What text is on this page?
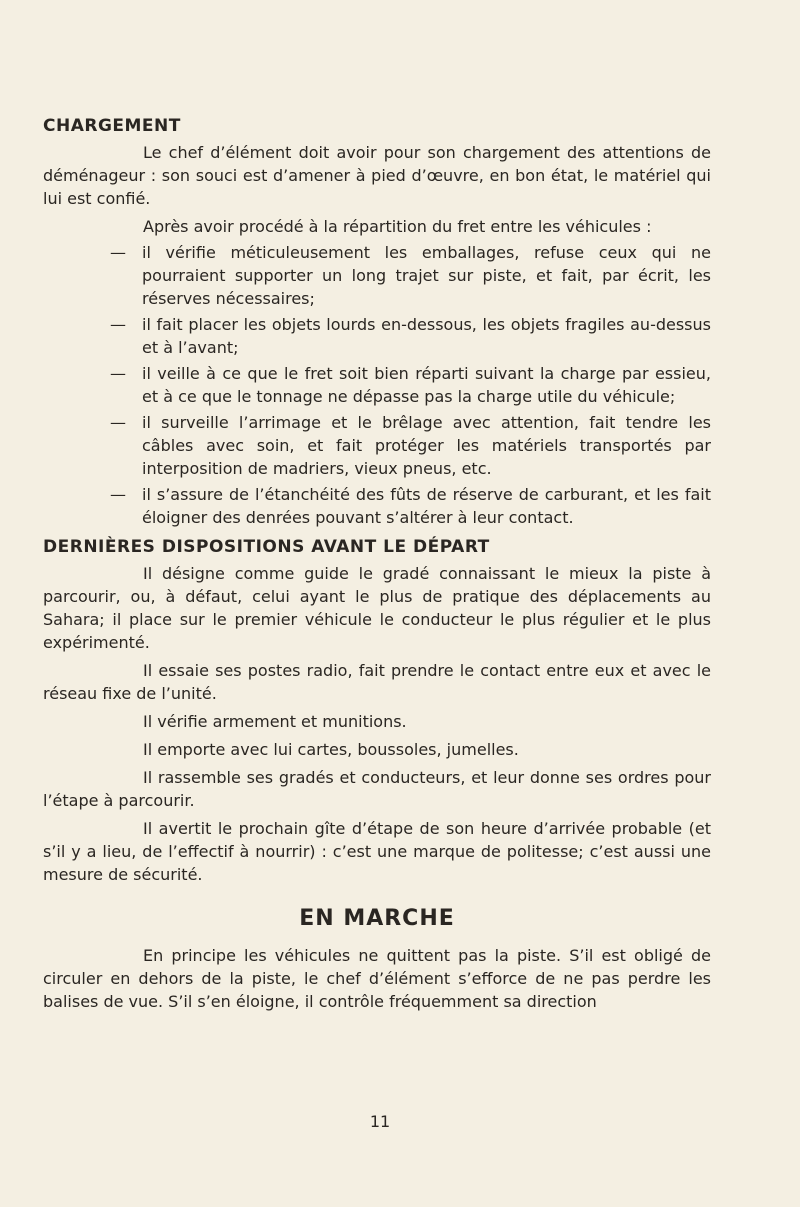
CHARGEMENT

Le chef d’élément doit avoir pour son chargement des attentions de déménageur : son souci est d’amener à pied d’œuvre, en bon état, le matériel qui lui est confié.

Après avoir procédé à la répartition du fret entre les véhicules :

— il vérifie méticuleusement les emballages, refuse ceux qui ne pourraient supporter un long trajet sur piste, et fait, par écrit, les réserves nécessaires;
— il fait placer les objets lourds en-dessous, les objets fragiles au-dessus et à l’avant;
— il veille à ce que le fret soit bien réparti suivant la charge par essieu, et à ce que le tonnage ne dépasse pas la charge utile du véhicule;
— il surveille l’arrimage et le brêlage avec attention, fait tendre les câbles avec soin, et fait protéger les matériels transportés par interposition de madriers, vieux pneus, etc.
— il s’assure de l’étanchéité des fûts de réserve de carburant, et les fait éloigner des denrées pouvant s’altérer à leur contact.
DERNIÈRES DISPOSITIONS AVANT LE DÉPART

Il désigne comme guide le gradé connaissant le mieux la piste à parcourir, ou, à défaut, celui ayant le plus de pratique des déplacements au Sahara; il place sur le premier véhicule le conducteur le plus régulier et le plus expérimenté.

Il essaie ses postes radio, fait prendre le contact entre eux et avec le réseau fixe de l’unité.

Il vérifie armement et munitions.

Il emporte avec lui cartes, boussoles, jumelles.

Il rassemble ses gradés et conducteurs, et leur donne ses ordres pour l’étape à parcourir.

Il avertit le prochain gîte d’étape de son heure d’arrivée probable (et s’il y a lieu, de l’effectif à nourrir) : c’est une marque de politesse; c’est aussi une mesure de sécurité.

EN MARCHE

En principe les véhicules ne quittent pas la piste. S’il est obligé de circuler en dehors de la piste, le chef d’élément s’efforce de ne pas perdre les balises de vue. S’il s’en éloigne, il contrôle fréquemment sa direction

11
